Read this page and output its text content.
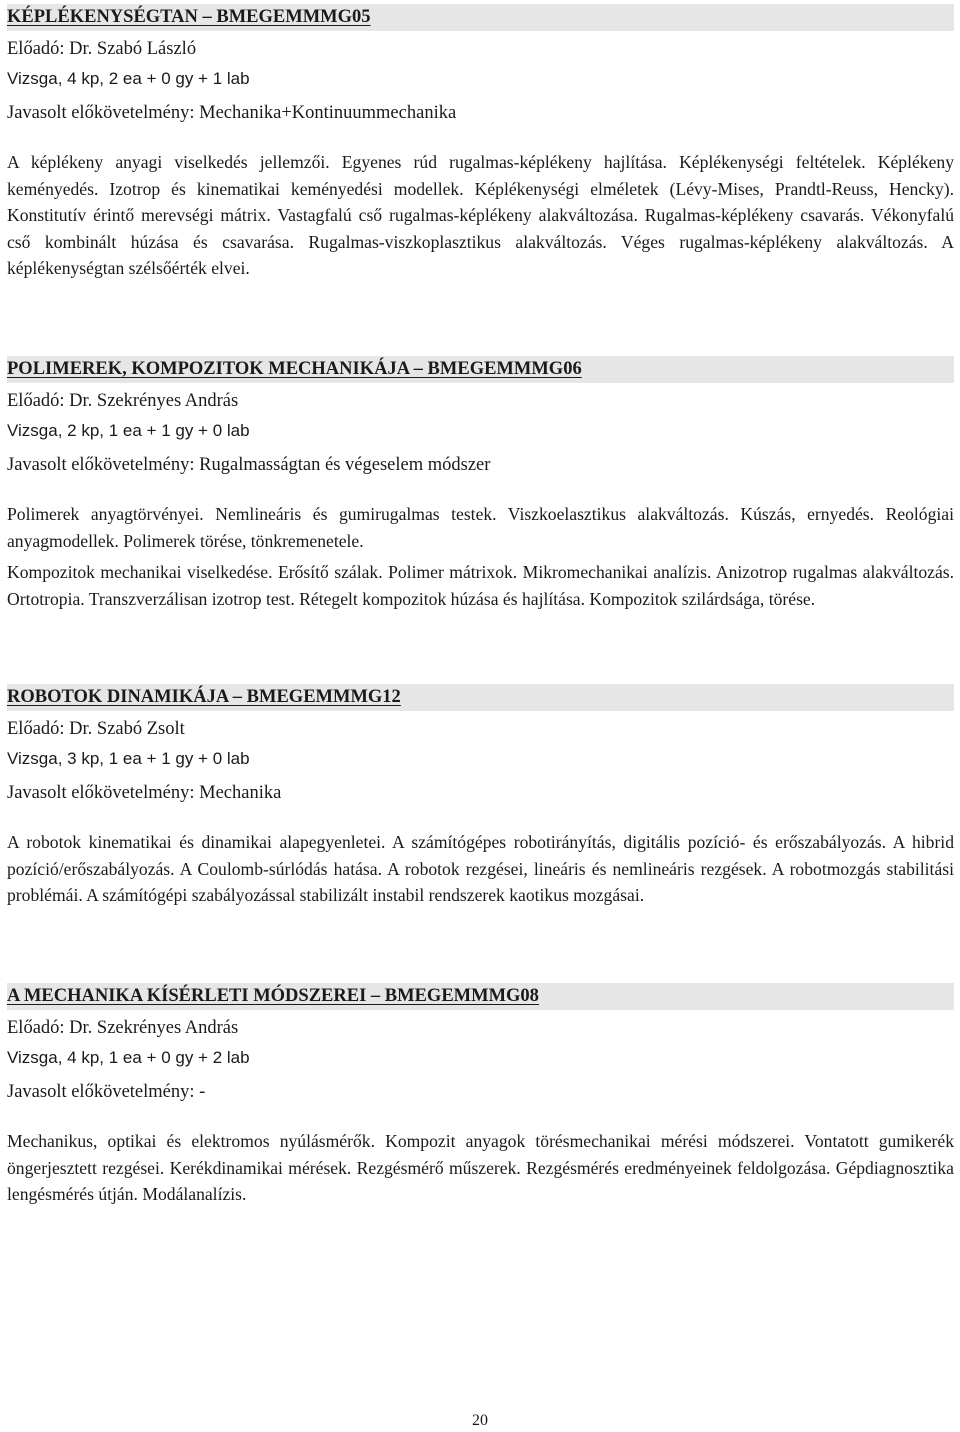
KÉPLÉKENYSÉGTAN – BMEGEMMMG05
Előadó: Dr. Szabó László
Vizsga, 4 kp, 2 ea + 0 gy + 1 lab
Javasolt előkövetelmény: Mechanika+Kontinuummechanika

A képlékeny anyagi viselkedés jellemzői. Egyenes rúd rugalmas-képlékeny hajlítása. Képlékenységi feltételek. Képlékeny keményedés. Izotrop és kinematikai keményedési modellek. Képlékenységi elméletek (Lévy-Mises, Prandtl-Reuss, Hencky). Konstitutív érintő merevségi mátrix. Vastagfalú cső rugalmas-képlékeny alakváltozása. Rugalmas-képlékeny csavarás. Vékonyfalú cső kombinált húzása és csavarása. Rugalmas-viszkoplasztikus alakváltozás. Véges rugalmas-képlékeny alakváltozás. A képlékenységtan szélsőérték elvei.

POLIMEREK, KOMPOZITOK MECHANIKÁJA – BMEGEMMMG06
Előadó: Dr. Szekrényes András
Vizsga, 2 kp, 1 ea + 1 gy + 0 lab
Javasolt előkövetelmény: Rugalmasságtan és végeselem módszer

Polimerek anyagtörvényei. Nemlineáris és gumirugalmas testek. Viszkoelasztikus alakváltozás. Kúszás, ernyedés. Reológiai anyagmodellek. Polimerek törése, tönkremenetele.

Kompozitok mechanikai viselkedése. Erősítő szálak. Polimer mátrixok. Mikromechanikai analízis. Anizotrop rugalmas alakváltozás. Ortotropia. Transzverzálisan izotrop test. Rétegelt kompozitok húzása és hajlítása. Kompozitok szilárdsága, törése.

ROBOTOK DINAMIKÁJA – BMEGEMMMG12
Előadó: Dr. Szabó Zsolt
Vizsga, 3 kp, 1 ea + 1 gy + 0 lab
Javasolt előkövetelmény: Mechanika

A robotok kinematikai és dinamikai alapegyenletei. A számítógépes robotirányítás, digitális pozíció- és erőszabályozás. A hibrid pozíció/erőszabályozás. A Coulomb-súrlódás hatása. A robotok rezgései, lineáris és nemlineáris rezgések. A robotmozgás stabilitási problémái. A számítógépi szabályozással stabilizált instabil rendszerek kaotikus mozgásai.

A MECHANIKA KÍSÉRLETI MÓDSZEREI – BMEGEMMMG08
Előadó: Dr. Szekrényes András
Vizsga, 4 kp, 1 ea + 0 gy + 2 lab
Javasolt előkövetelmény: -

Mechanikus, optikai és elektromos nyúlásmérők. Kompozit anyagok törésmechanikai mérési módszerei. Vontatott gumikerék öngerjesztett rezgései. Kerékdinamikai mérések. Rezgésmérő műszerek. Rezgésmérés eredményeinek feldolgozása. Gépdiagnosztika lengésmérés útján. Modálanalízis.

20
